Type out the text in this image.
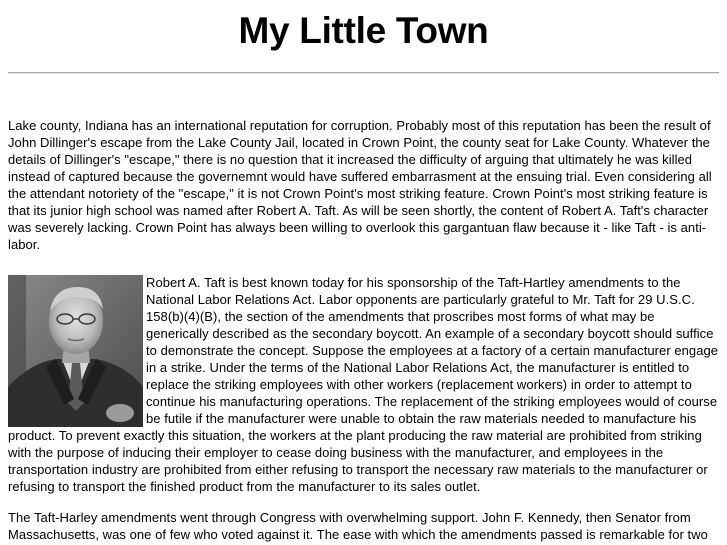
My Little Town

Lake county, Indiana has an international reputation for corruption. Probably most of this reputation has been the result of John Dillinger's escape from the Lake County Jail, located in Crown Point, the county seat for Lake County. Whatever the details of Dillinger's "escape," there is no question that it increased the difficulty of arguing that ultimately he was killed instead of captured because the governemnt would have suffered embarrasment at the ensuing trial. Even considering all the attendant notoriety of the "escape," it is not Crown Point's most striking feature. Crown Point's most striking feature is that its junior high school was named after Robert A. Taft. As will be seen shortly, the content of Robert A. Taft's character was severely lacking. Crown Point has always been willing to overlook this gargantuan flaw because it - like Taft - is anti-labor.

Robert A. Taft is best known today for his sponsorship of the Taft-Hartley amendments to the National Labor Relations Act. Labor opponents are particularly grateful to Mr. Taft for 29 U.S.C. 158(b)(4)(B), the section of the amendments that proscribes most forms of what may be generically described as the secondary boycott. An example of a secondary boycott should suffice to demonstrate the concept. Suppose the employees at a factory of a certain manufacturer engage in a strike. Under the terms of the National Labor Relations Act, the manufacturer is entitled to replace the striking employees with other workers (replacement workers) in order to attempt to continue his manufacturing operations. The replacement of the striking employees would of course be futile if the manufacturer were unable to obtain the raw materials needed to manufacture his product. To prevent exactly this situation, the workers at the plant producing the raw material are prohibited from striking with the purpose of inducing their employer to cease doing business with the manufacturer, and employees in the transportation industry are prohibited from either refusing to transport the necessary raw materials to the manufacturer or refusing to transport the finished product from the manufacturer to its sales outlet.

The Taft-Harley amendments went through Congress with overwhelming support. John F. Kennedy, then Senator from Massachusetts, was one of few who voted against it. The ease with which the amendments passed is remarkable for two
